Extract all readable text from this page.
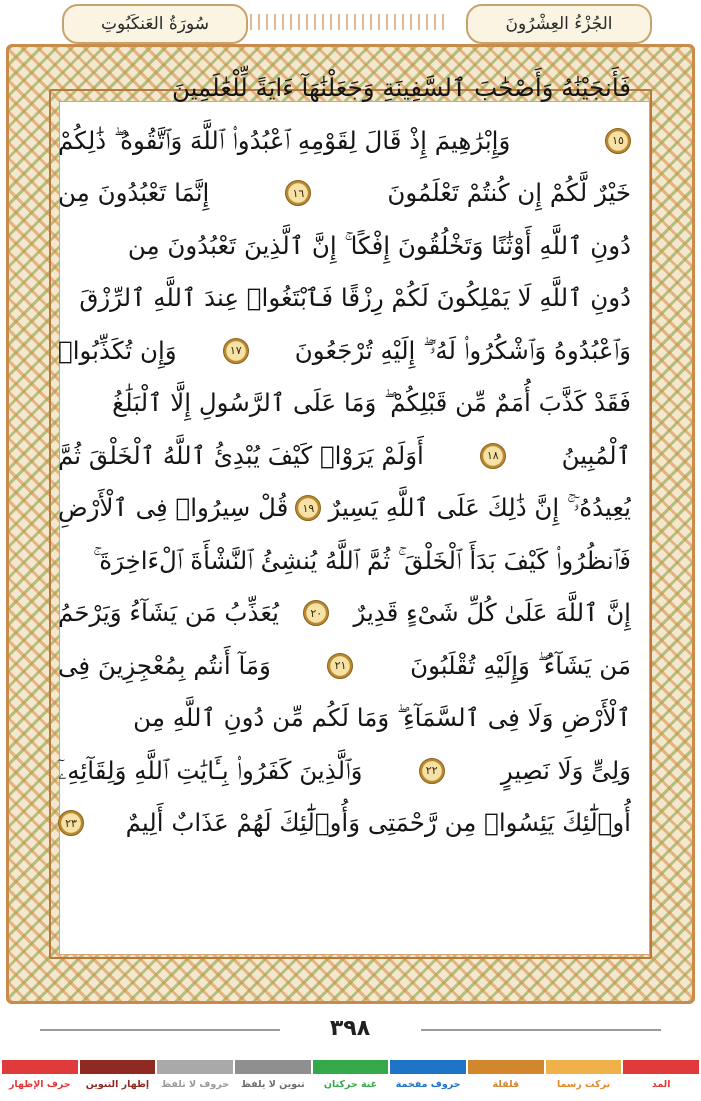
سُورَةُ العَنكَبُوتِ	الجُزْءُ العِشْرُونَ
فَأَنجَيْنَٰهُ وَأَصْحَٰبَ ٱلسَّفِينَةِ وَجَعَلْنَٰهَآ ءَايَةً لِّلْعَٰلَمِينَ
١٥
وَإِبْرَٰهِيمَ إِذْ قَالَ لِقَوْمِهِ ٱعْبُدُوا۟ ٱللَّهَ وَٱتَّقُوهُ ۖ ذَٰلِكُمْ
خَيْرٌ لَّكُمْ إِن كُنتُمْ تَعْلَمُونَ
١٦
إِنَّمَا تَعْبُدُونَ مِن
دُونِ ٱللَّهِ أَوْثَٰنًا وَتَخْلُقُونَ إِفْكًا ۚ إِنَّ ٱلَّذِينَ تَعْبُدُونَ مِن
دُونِ ٱللَّهِ لَا يَمْلِكُونَ لَكُمْ رِزْقًا فَٱبْتَغُوا۟ عِندَ ٱللَّهِ ٱلرِّزْقَ
وَٱعْبُدُوهُ وَٱشْكُرُوا۟ لَهُۥٓ ۖ إِلَيْهِ تُرْجَعُونَ
١٧
وَإِن تُكَذِّبُوا۟
فَقَدْ كَذَّبَ أُمَمٌ مِّن قَبْلِكُمْ ۖ وَمَا عَلَى ٱلرَّسُولِ إِلَّا ٱلْبَلَٰغُ
ٱلْمُبِينُ
١٨
أَوَلَمْ يَرَوْا۟ كَيْفَ يُبْدِئُ ٱللَّهُ ٱلْخَلْقَ ثُمَّ
يُعِيدُهُۥٓ ۚ إِنَّ ذَٰلِكَ عَلَى ٱللَّهِ يَسِيرٌ
١٩
قُلْ سِيرُوا۟ فِى ٱلْأَرْضِ
فَٱنظُرُوا۟ كَيْفَ بَدَأَ ٱلْخَلْقَ ۚ ثُمَّ ٱللَّهُ يُنشِئُ ٱلنَّشْأَةَ ٱلْءَاخِرَةَ ۚ
إِنَّ ٱللَّهَ عَلَىٰ كُلِّ شَىْءٍ قَدِيرٌ
٢٠
يُعَذِّبُ مَن يَشَآءُ وَيَرْحَمُ
مَن يَشَآءُ ۖ وَإِلَيْهِ تُقْلَبُونَ
٢١
وَمَآ أَنتُم بِمُعْجِزِينَ فِى
ٱلْأَرْضِ وَلَا فِى ٱلسَّمَآءِ ۖ وَمَا لَكُم مِّن دُونِ ٱللَّهِ مِن
وَلِىٍّ وَلَا نَصِيرٍ
٢٢
وَٱلَّذِينَ كَفَرُوا۟ بِـَٔايَٰتِ ٱللَّهِ وَلِقَآئِهِۦٓ
أُو۟لَٰٓئِكَ يَئِسُوا۟ مِن رَّحْمَتِى وَأُو۟لَٰٓئِكَ لَهُمْ عَذَابٌ أَلِيمٌ
٢٣
٣٩٨
المد
تركت رسما
قلقلة
حروف مفخمة
غنة حركتان
تنوين لا يلفظ
حروف لا تلفظ
إظهار التنوين
حرف الإظهار
